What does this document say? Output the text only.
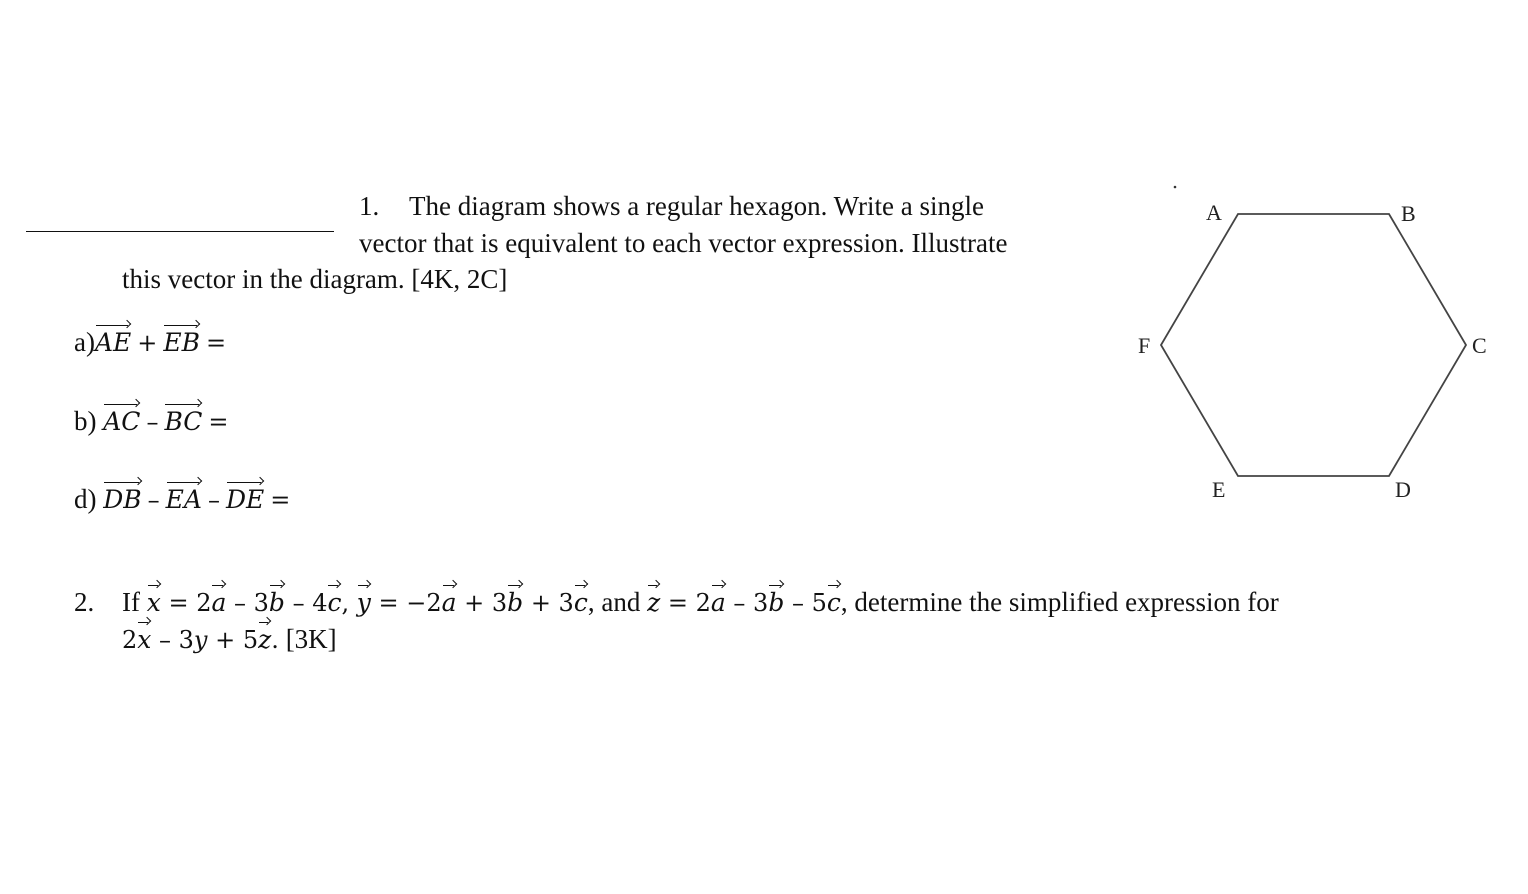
1. The diagram shows a regular hexagon. Write a single
vector that is equivalent to each vector expression. Illustrate
this vector in the diagram. [4K, 2C]
a)AE + EB =
b) AC – BC =
d) DB – EA – DE =
A	B
C
D
E
F
2. If x = 2a – 3b – 4c, y = −2a + 3b + 3c, and z = 2a – 3b – 5c, determine the simplified expression for
2x – 3y + 5z. [3K]
